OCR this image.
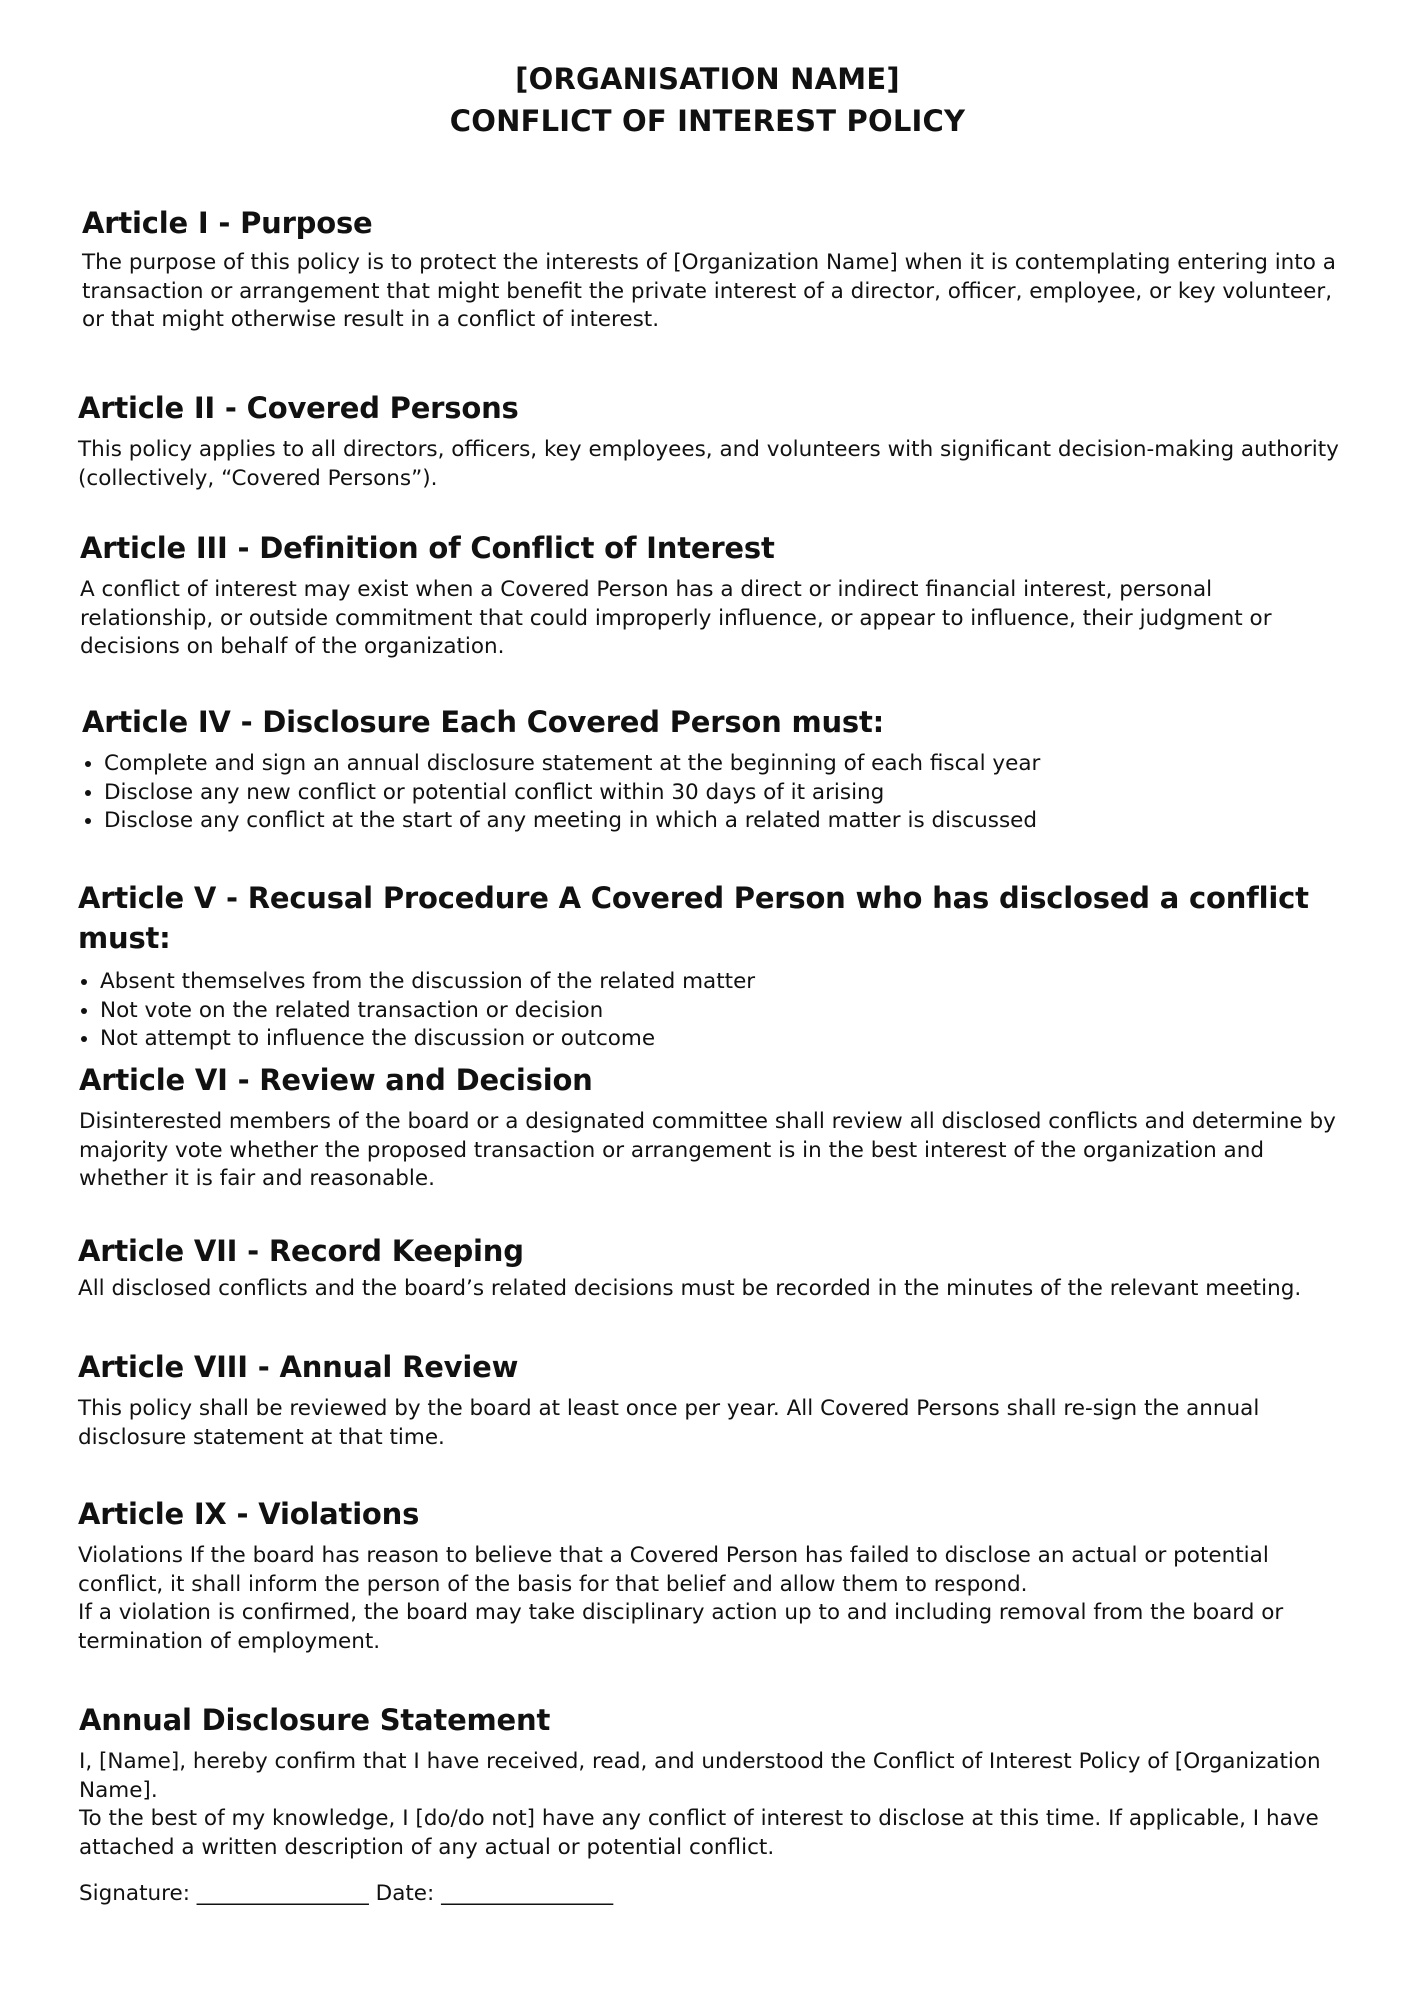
[ORGANISATION NAME]
CONFLICT OF INTEREST POLICY
Article I - Purpose

The purpose of this policy is to protect the interests of [Organization Name] when it is contemplating entering into a transaction or arrangement that might benefit the private interest of a director, officer, employee, or key volunteer, or that might otherwise result in a conflict of interest.

Article II - Covered Persons

This policy applies to all directors, officers, key employees, and volunteers with significant decision-making authority (collectively, “Covered Persons”).

Article III - Definition of Conflict of Interest

A conflict of interest may exist when a Covered Person has a direct or indirect financial interest, personal relationship, or outside commitment that could improperly influence, or appear to influence, their judgment or decisions on behalf of the organization.

Article IV - Disclosure Each Covered Person must:
• Complete and sign an annual disclosure statement at the beginning of each fiscal year
• Disclose any new conflict or potential conflict within 30 days of it arising
• Disclose any conflict at the start of any meeting in which a related matter is discussed
Article V - Recusal Procedure A Covered Person who has disclosed a conflict must:
• Absent themselves from the discussion of the related matter
• Not vote on the related transaction or decision
• Not attempt to influence the discussion or outcome
Article VI - Review and Decision

Disinterested members of the board or a designated committee shall review all disclosed conflicts and determine by majority vote whether the proposed transaction or arrangement is in the best interest of the organization and whether it is fair and reasonable.

Article VII - Record Keeping

All disclosed conflicts and the board’s related decisions must be recorded in the minutes of the relevant meeting.

Article VIII - Annual Review

This policy shall be reviewed by the board at least once per year. All Covered Persons shall re-sign the annual disclosure statement at that time.

Article IX - Violations

Violations If the board has reason to believe that a Covered Person has failed to disclose an actual or potential conflict, it shall inform the person of the basis for that belief and allow them to respond.

If a violation is confirmed, the board may take disciplinary action up to and including removal from the board or termination of employment.

Annual Disclosure Statement

I, [Name], hereby confirm that I have received, read, and understood the Conflict of Interest Policy of [Organization Name].

To the best of my knowledge, I [do/do not] have any conflict of interest to disclose at this time. If applicable, I have attached a written description of any actual or potential conflict.

Signature: ________________ Date: ________________
